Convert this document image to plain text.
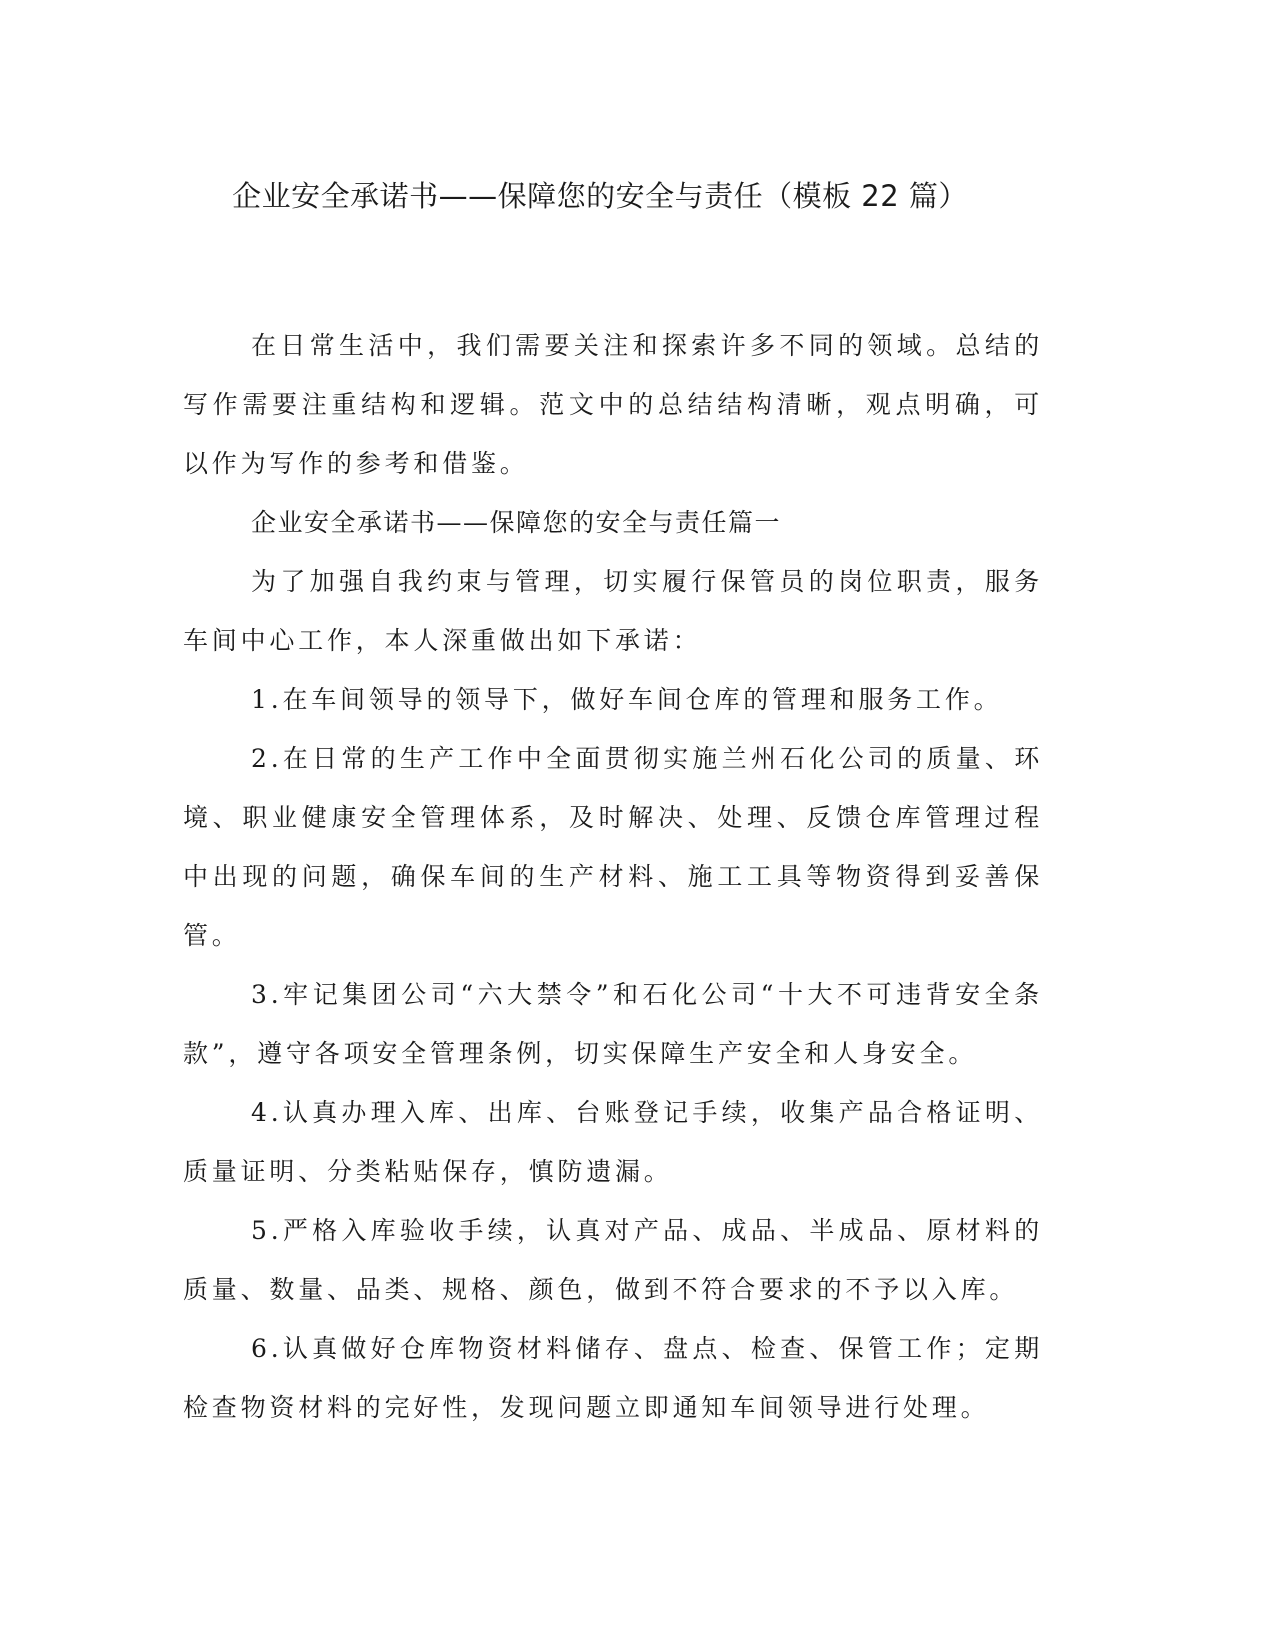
企业安全承诺书——保障您的安全与责任（模板 22 篇）

在日常生活中，我们需要关注和探索许多不同的领域。总结的写作需要注重结构和逻辑。范文中的总结结构清晰，观点明确，可以作为写作的参考和借鉴。

企业安全承诺书——保障您的安全与责任篇一

为了加强自我约束与管理，切实履行保管员的岗位职责，服务车间中心工作，本人深重做出如下承诺：

1.在车间领导的领导下，做好车间仓库的管理和服务工作。

2.在日常的生产工作中全面贯彻实施兰州石化公司的质量、环境、职业健康安全管理体系，及时解决、处理、反馈仓库管理过程中出现的问题，确保车间的生产材料、施工工具等物资得到妥善保管。

3.牢记集团公司“六大禁令”和石化公司“十大不可违背安全条款”，遵守各项安全管理条例，切实保障生产安全和人身安全。

4.认真办理入库、出库、台账登记手续，收集产品合格证明、质量证明、分类粘贴保存，慎防遗漏。

5.严格入库验收手续，认真对产品、成品、半成品、原材料的质量、数量、品类、规格、颜色，做到不符合要求的不予以入库。

6.认真做好仓库物资材料储存、盘点、检查、保管工作；定期检查物资材料的完好性，发现问题立即通知车间领导进行处理。
